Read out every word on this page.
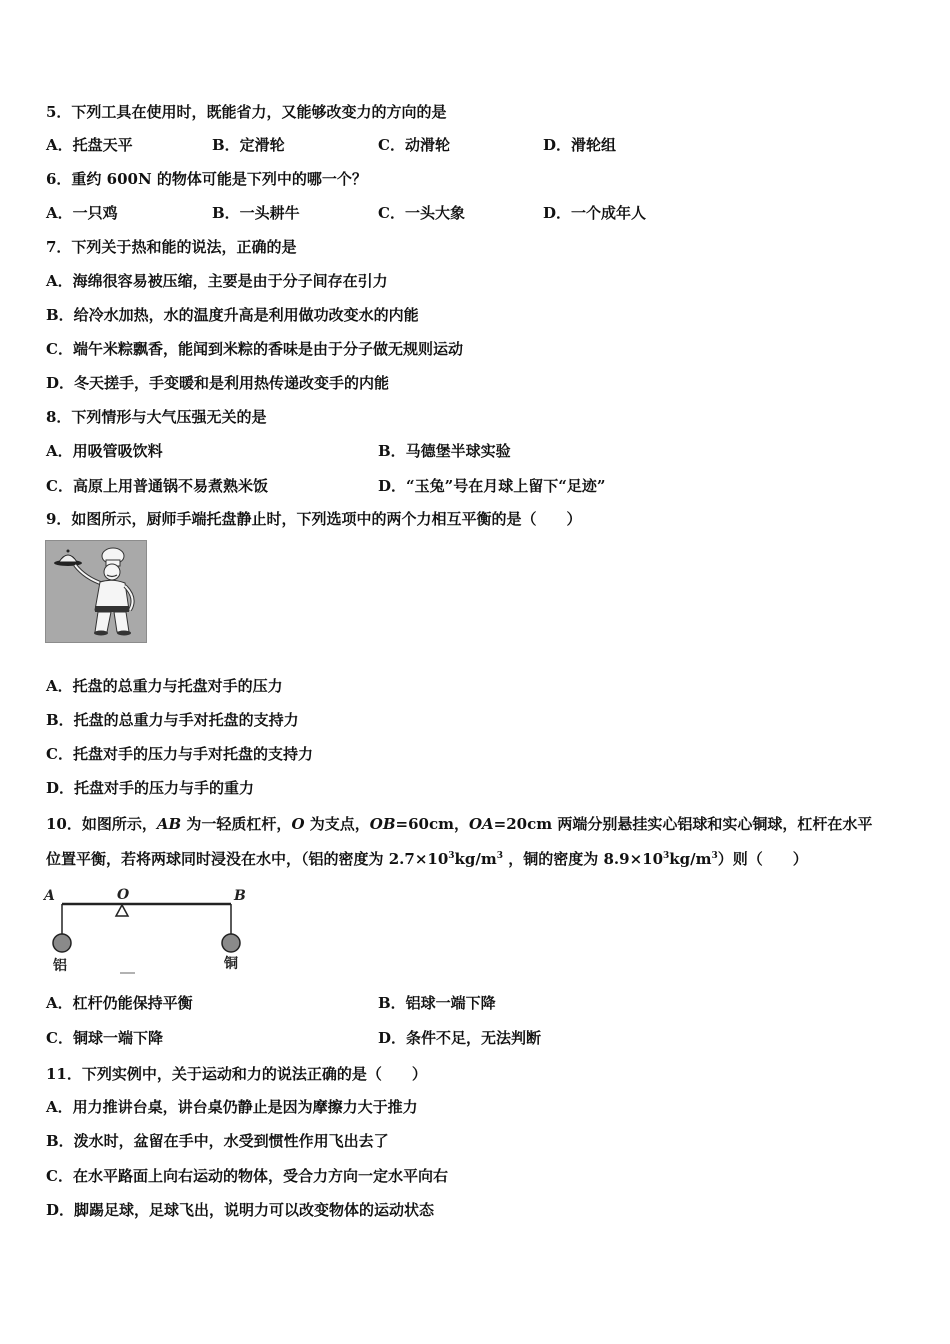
5．下列工具在使用时，既能省力，又能够改变力的方向的是
A．托盘天平	B．定滑轮	C．动滑轮	D．滑轮组
6．重约 600N 的物体可能是下列中的哪一个？
A．一只鸡	B．一头耕牛	C．一头大象	D．一个成年人
7．下列关于热和能的说法，正确的是
A．海绵很容易被压缩，主要是由于分子间存在引力
B．给冷水加热，水的温度升高是利用做功改变水的内能
C．端午米粽飘香，能闻到米粽的香味是由于分子做无规则运动
D．冬天搓手，手变暖和是利用热传递改变手的内能
8．下列情形与大气压强无关的是
A．用吸管吸饮料	B．马德堡半球实验
C．高原上用普通锅不易煮熟米饭	D．“玉兔”号在月球上留下“足迹”
9．如图所示，厨师手端托盘静止时，下列选项中的两个力相互平衡的是（　　）
A．托盘的总重力与托盘对手的压力
B．托盘的总重力与手对托盘的支持力
C．托盘对手的压力与手对托盘的支持力
D．托盘对手的压力与手的重力
10．如图所示，AB 为一轻质杠杆，O 为支点，OB=60cm，OA=20cm 两端分别悬挂实心铝球和实心铜球，杠杆在水平
位置平衡，若将两球同时浸没在水中，（铝的密度为 $2.7\times 10^3kg/m^3$ ，铜的密度为 $8.9\times 10^3kg/m^3$）则（　　）
A	O	B
铝	铜
A．杠杆仍能保持平衡	B．铝球一端下降
C．铜球一端下降	D．条件不足，无法判断
11．下列实例中，关于运动和力的说法正确的是（　　）
A．用力推讲台桌，讲台桌仍静止是因为摩擦力大于推力
B．泼水时，盆留在手中，水受到惯性作用飞出去了
C．在水平路面上向右运动的物体，受合力方向一定水平向右
D．脚踢足球，足球飞出，说明力可以改变物体的运动状态
